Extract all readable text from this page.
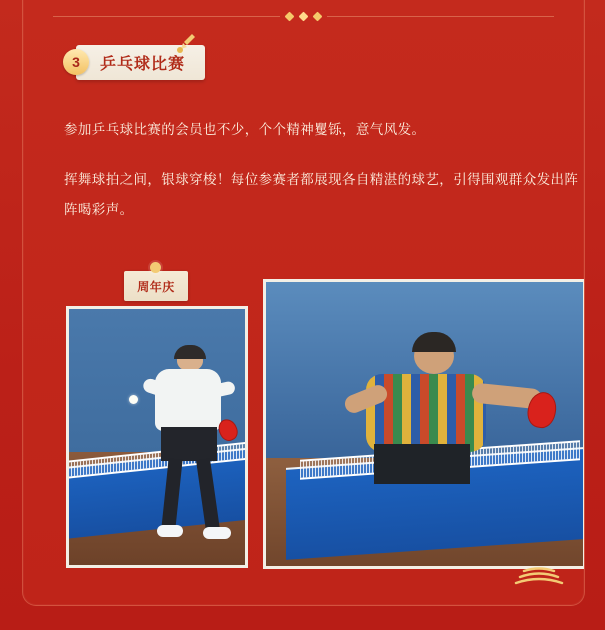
3	乒乓球比赛
参加乒乓球比赛的会员也不少，个个精神矍铄，意气风发。
挥舞球拍之间，银球穿梭！每位参赛者都展现各自精湛的球艺，引得围观群众发出阵阵喝彩声。
周年庆
